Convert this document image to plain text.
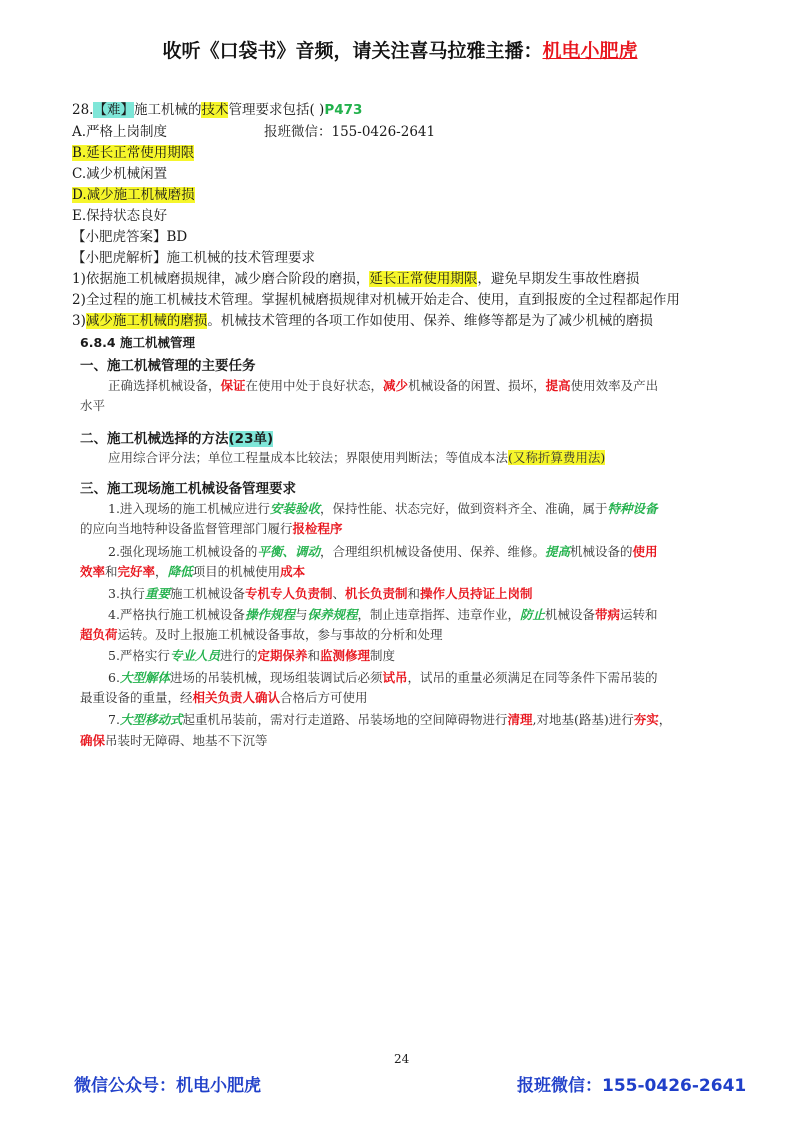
收听《口袋书》音频，请关注喜马拉雅主播：机电小肥虎
28.【难】施工机械的技术管理要求包括( )P473
A.严格上岗制度	报班微信：155-0426-2641
B.延长正常使用期限
C.减少机械闲置
D.减少施工机械磨损
E.保持状态良好
【小肥虎答案】BD
【小肥虎解析】施工机械的技术管理要求
1)依据施工机械磨损规律，减少磨合阶段的磨损，延长正常使用期限，避免早期发生事故性磨损
2)全过程的施工机械技术管理。掌握机械磨损规律对机械开始走合、使用，直到报废的全过程都起作用
3)减少施工机械的磨损。机械技术管理的各项工作如使用、保养、维修等都是为了减少机械的磨损
6.8.4 施工机械管理
一、施工机械管理的主要任务
正确选择机械设备，保证在使用中处于良好状态，减少机械设备的闲置、损坏，提高使用效率及产出
水平
二、施工机械选择的方法(23单)
应用综合评分法；单位工程量成本比较法；界限使用判断法；等值成本法(又称折算费用法)
三、施工现场施工机械设备管理要求
1.进入现场的施工机械应进行安装验收，保持性能、状态完好，做到资料齐全、准确，属于特种设备
的应向当地特种设备监督管理部门履行报检程序
2.强化现场施工机械设备的平衡、调动，合理组织机械设备使用、保养、维修。提高机械设备的使用
效率和完好率，降低项目的机械使用成本
3.执行重要施工机械设备专机专人负责制、机长负责制和操作人员持证上岗制
4.严格执行施工机械设备操作规程与保养规程，制止违章指挥、违章作业，防止机械设备带病运转和
超负荷运转。及时上报施工机械设备事故，参与事故的分析和处理
5.严格实行专业人员进行的定期保养和监测修理制度
6.大型解体进场的吊装机械，现场组装调试后必须试吊，试吊的重量必须满足在同等条件下需吊装的
最重设备的重量，经相关负责人确认合格后方可使用
7.大型移动式起重机吊装前，需对行走道路、吊装场地的空间障碍物进行清理,对地基(路基)进行夯实，
确保吊装时无障碍、地基不下沉等
24
微信公众号：机电小肥虎	报班微信：155-0426-2641
